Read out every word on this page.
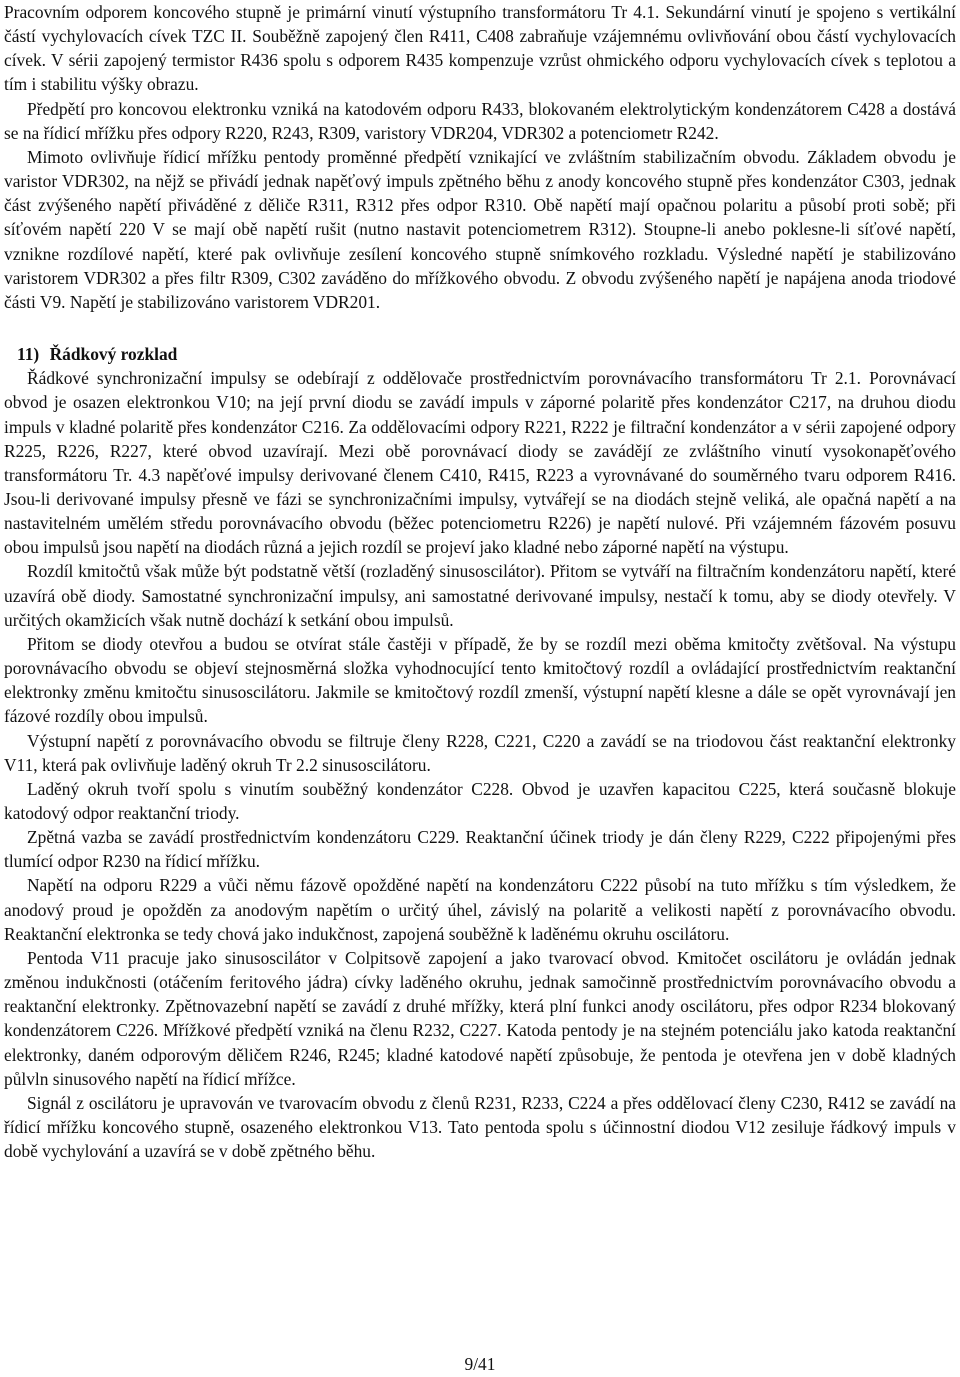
Pracovním odporem koncového stupně je primární vinutí výstupního transformátoru Tr 4.1. Sekundární vinutí je spojeno s vertikální částí vychylovacích cívek TZC II. Souběžně zapojený člen R411, C408 zabraňuje vzájemnému ovlivňování obou částí vychylovacích cívek. V sérii zapojený termistor R436 spolu s odporem R435 kompenzuje vzrůst ohmického odporu vychylovacích cívek s teplotou a tím i stabilitu výšky obrazu.

Předpětí pro koncovou elektronku vzniká na katodovém odporu R433, blokovaném elektrolytickým kondenzátorem C428 a dostává se na řídicí mřížku přes odpory R220, R243, R309, varistory VDR204, VDR302 a potenciometr R242.

Mimoto ovlivňuje řídicí mřížku pentody proměnné předpětí vznikající ve zvláštním stabilizačním obvodu. Základem obvodu je varistor VDR302, na nějž se přivádí jednak napěťový impuls zpětného běhu z anody koncového stupně přes kondenzátor C303, jednak část zvýšeného napětí přiváděné z děliče R311, R312 přes odpor R310. Obě napětí mají opačnou polaritu a působí proti sobě; při síťovém napětí 220 V se mají obě napětí rušit (nutno nastavit potenciometrem R312). Stoupne-li anebo poklesne-li síťové napětí, vznikne rozdílové napětí, které pak ovlivňuje zesílení koncového stupně snímkového rozkladu. Výsledné napětí je stabilizováno varistorem VDR302 a přes filtr R309, C302 zaváděno do mřížkového obvodu. Z obvodu zvýšeného napětí je napájena anoda triodové části V9. Napětí je stabilizováno varistorem VDR201.

11) Řádkový rozklad

Řádkové synchronizační impulsy se odebírají z oddělovače prostřednictvím porovnávacího transformátoru Tr 2.1. Porovnávací obvod je osazen elektronkou V10; na její první diodu se zavádí impuls v záporné polaritě přes kondenzátor C217, na druhou diodu impuls v kladné polaritě přes kondenzátor C216. Za oddělovacími odpory R221, R222 je filtrační kondenzátor a v sérii zapojené odpory R225, R226, R227, které obvod uzavírají. Mezi obě porovnávací diody se zavádějí ze zvláštního vinutí vysokonapěťového transformátoru Tr. 4.3 napěťové impulsy derivované členem C410, R415, R223 a vyrovnávané do souměrného tvaru odporem R416. Jsou-li derivované impulsy přesně ve fázi se synchronizačními impulsy, vytvářejí se na diodách stejně veliká, ale opačná napětí a na nastavitelném umělém středu porovnávacího obvodu (běžec potenciometru R226) je napětí nulové. Při vzájemném fázovém posuvu obou impulsů jsou napětí na diodách různá a jejich rozdíl se projeví jako kladné nebo záporné napětí na výstupu.

Rozdíl kmitočtů však může být podstatně větší (rozladěný sinusoscilátor). Přitom se vytváří na filtračním kondenzátoru napětí, které uzavírá obě diody. Samostatné synchronizační impulsy, ani samostatné derivované impulsy, nestačí k tomu, aby se diody otevřely. V určitých okamžicích však nutně dochází k setkání obou impulsů.

Přitom se diody otevřou a budou se otvírat stále častěji v případě, že by se rozdíl mezi oběma kmitočty zvětšoval. Na výstupu porovnávacího obvodu se objeví stejnosměrná složka vyhodnocující tento kmitočtový rozdíl a ovládající prostřednictvím reaktanční elektronky změnu kmitočtu sinusoscilátoru. Jakmile se kmitočtový rozdíl zmenší, výstupní napětí klesne a dále se opět vyrovnávají jen fázové rozdíly obou impulsů.

Výstupní napětí z porovnávacího obvodu se filtruje členy R228, C221, C220 a zavádí se na triodovou část reaktanční elektronky V11, která pak ovlivňuje laděný okruh Tr 2.2 sinusoscilátoru.

Laděný okruh tvoří spolu s vinutím souběžný kondenzátor C228. Obvod je uzavřen kapacitou C225, která současně blokuje katodový odpor reaktanční triody.

Zpětná vazba se zavádí prostřednictvím kondenzátoru C229. Reaktanční účinek triody je dán členy R229, C222 připojenými přes tlumící odpor R230 na řídicí mřížku.

Napětí na odporu R229 a vůči němu fázově opožděné napětí na kondenzátoru C222 působí na tuto mřížku s tím výsledkem, že anodový proud je opožděn za anodovým napětím o určitý úhel, závislý na polaritě a velikosti napětí z porovnávacího obvodu. Reaktanční elektronka se tedy chová jako indukčnost, zapojená souběžně k laděnému okruhu oscilátoru.

Pentoda V11 pracuje jako sinusoscilátor v Colpitsově zapojení a jako tvarovací obvod. Kmitočet oscilátoru je ovládán jednak změnou indukčnosti (otáčením feritového jádra) cívky laděného okruhu, jednak samočinně prostřednictvím porovnávacího obvodu a reaktanční elektronky. Zpětnovazební napětí se zavádí z druhé mřížky, která plní funkci anody oscilátoru, přes odpor R234 blokovaný kondenzátorem C226. Mřížkové předpětí vzniká na členu R232, C227. Katoda pentody je na stejném potenciálu jako katoda reaktanční elektronky, daném odporovým děličem R246, R245; kladné katodové napětí způsobuje, že pentoda je otevřena jen v době kladných půlvln sinusového napětí na řídicí mřížce.

Signál z oscilátoru je upravován ve tvarovacím obvodu z členů R231, R233, C224 a přes oddělovací členy C230, R412 se zavádí na řídicí mřížku koncového stupně, osazeného elektronkou V13. Tato pentoda spolu s účinnostní diodou V12 zesiluje řádkový impuls v době vychylování a uzavírá se v době zpětného běhu.

9/41
